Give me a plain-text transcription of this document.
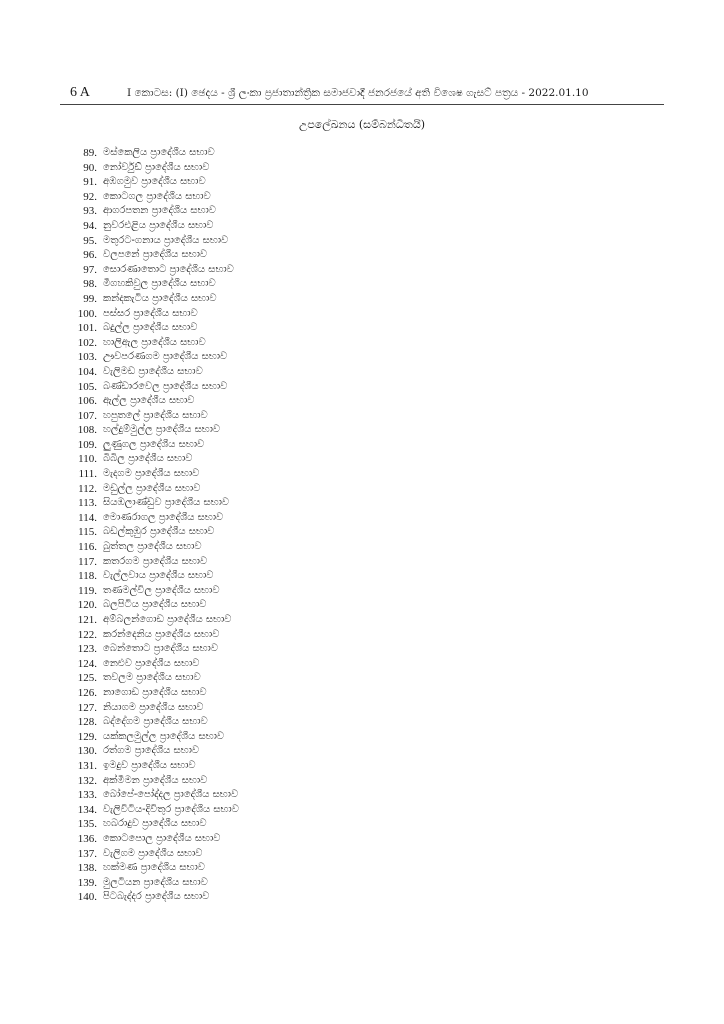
6 A	I කොටස: (I) ඡෙදය - ශ්‍රී ලංකා ප්‍රජාතාන්ත්‍රික සමාජවාදී ජනරජයේ අති විශෙෂ ගැසට් පත්‍රය - 2022.01.10
උපලේඛනය (සම්බන්ධිතයි)
89. මස්කෙලිය ප්‍රාදේශීය සභාව
90. නෝර්වුඩ් ප්‍රාදේශීය සභාව
91. අඹගමුව ප්‍රාදේශීය සභාව
92. කොටගල ප්‍රාදේශීය සභාව
93. ආගරපතන ප්‍රාදේශීය සභාව
94. නුවරඑළිය ප්‍රාදේශීය සභාව
95. මතුරට-ගනාය ප්‍රාදේශීය සභාව
96. වලපනේ ප්‍රාදේශීය සභාව
97. සොරණාතොට ප්‍රාදේශීය සභාව
98. මීගහකිවුල ප්‍රාදේශීය සභාව
99. කන්දකැටිය ප්‍රාදේශීය සභාව
100. පස්සර ප්‍රාදේශීය සභාව
101. බදුල්ල ප්‍රාදේශීය සභාව
102. හාලිඇල ප්‍රාදේශීය සභාව
103. ඌවපරණගම ප්‍රාදේශීය සභාව
104. වැලිමඩ ප්‍රාදේශීය සභාව
105. බණ්ඩාරවෙල ප්‍රාදේශීය සභාව
106. ඇල්ල ප්‍රාදේශීය සභාව
107. හපුතලේ ප්‍රාදේශීය සභාව
108. හල්දුම්මුල්ල ප්‍රාදේශීය සභාව
109. ලුණුගල ප්‍රාදේශීය සභාව
110. බිබිල ප්‍රාදේශීය සභාව
111. මැදගම ප්‍රාදේශීය සභාව
112. මඩුල්ල ප්‍රාදේශීය සභාව
113. සියඹලාණ්ඩුව ප්‍රාදේශීය සභාව
114. මොණරාගල ප්‍රාදේශීය සභාව
115. බඩල්කුඹුර ප්‍රාදේශීය සභාව
116. බුත්තල ප්‍රාදේශීය සභාව
117. කතරගම ප්‍රාදේශීය සභාව
118. වැල්ලවාය ප්‍රාදේශීය සභාව
119. තණමල්විල ප්‍රාදේශීය සභාව
120. බලපිටිය ප්‍රාදේශීය සභාව
121. අම්බලන්ගොඩ ප්‍රාදේශීය සභාව
122. කරන්දෙනිය ප්‍රාදේශීය සභාව
123. බෙන්තොට ප්‍රාදේශීය සභාව
124. නෙළුව ප්‍රාදේශීය සභාව
125. තවලම ප්‍රාදේශීය සභාව
126. නාගොඩ ප්‍රාදේශීය සභාව
127. නියාගම ප්‍රාදේශීය සභාව
128. බද්දේගම ප්‍රාදේශීය සභාව
129. යක්කලමුල්ල ප්‍රාදේශීය සභාව
130. රත්ගම ප්‍රාදේශීය සභාව
131. ඉමදුව ප්‍රාදේශීය සභාව
132. අක්මීමන ප්‍රාදේශීය සභාව
133. බෝපේ-පෝද්දල ප්‍රාදේශීය සභාව
134. වැලිවිටිය-දිවිතුර ප්‍රාදේශීය සභාව
135. හබරාදුව ප්‍රාදේශීය සභාව
136. කොටපොල ප්‍රාදේශීය සභාව
137. වැලිගම ප්‍රාදේශීය සභාව
138. හක්මණ ප්‍රාදේශීය සභාව
139. මුලටියන ප්‍රාදේශීය සභාව
140. පිටබැද්දර ප්‍රාදේශීය සභාව
